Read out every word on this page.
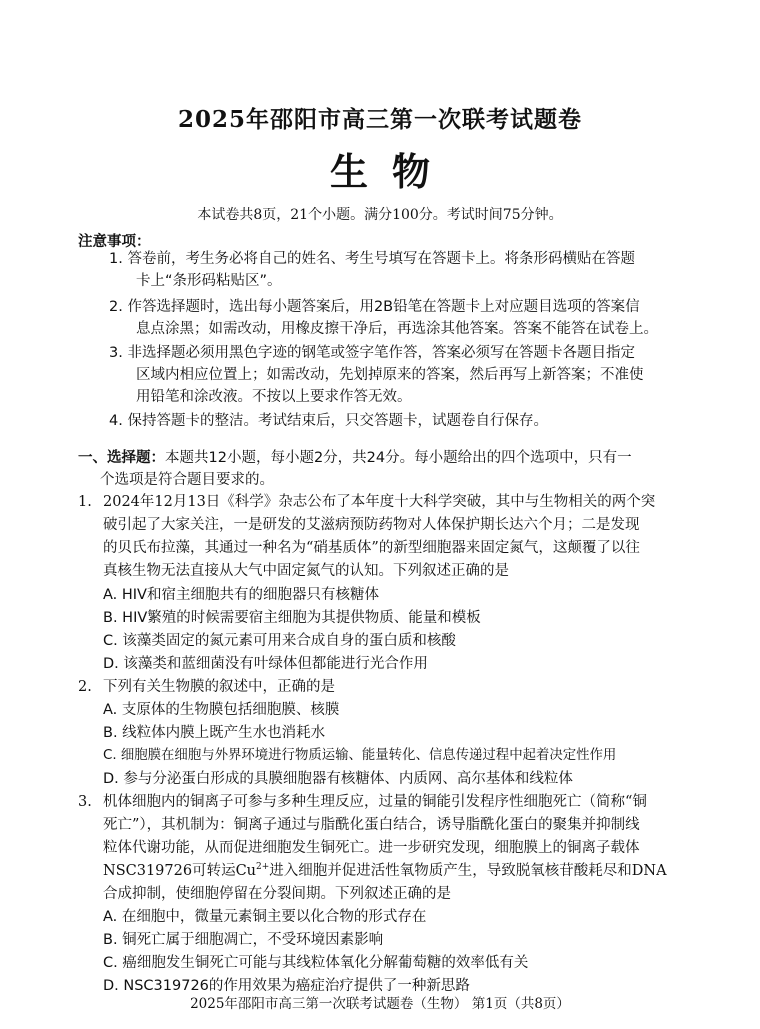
2025年邵阳市高三第一次联考试题卷
生物
本试卷共8页，21个小题。满分100分。考试时间75分钟。
注意事项：
1. 答卷前，考生务必将自己的姓名、考生号填写在答题卡上。将条形码横贴在答题
卡上“条形码粘贴区”。
2. 作答选择题时，选出每小题答案后，用2B铅笔在答题卡上对应题目选项的答案信
息点涂黑；如需改动，用橡皮擦干净后，再选涂其他答案。答案不能答在试卷上。
3. 非选择题必须用黑色字迹的钢笔或签字笔作答，答案必须写在答题卡各题目指定
区域内相应位置上；如需改动，先划掉原来的答案，然后再写上新答案；不准使
用铅笔和涂改液。不按以上要求作答无效。
4. 保持答题卡的整洁。考试结束后，只交答题卡，试题卷自行保存。
一、选择题：本题共12小题，每小题2分，共24分。每小题给出的四个选项中，只有一
个选项是符合题目要求的。
1. 2024年12月13日《科学》杂志公布了本年度十大科学突破，其中与生物相关的两个突
破引起了大家关注，一是研发的艾滋病预防药物对人体保护期长达六个月；二是发现
的贝氏布拉藻，其通过一种名为“硝基质体”的新型细胞器来固定氮气，这颠覆了以往
真核生物无法直接从大气中固定氮气的认知。下列叙述正确的是
A. HIV和宿主细胞共有的细胞器只有核糖体
B. HIV繁殖的时候需要宿主细胞为其提供物质、能量和模板
C. 该藻类固定的氮元素可用来合成自身的蛋白质和核酸
D. 该藻类和蓝细菌没有叶绿体但都能进行光合作用
2. 下列有关生物膜的叙述中，正确的是
A. 支原体的生物膜包括细胞膜、核膜
B. 线粒体内膜上既产生水也消耗水
C. 细胞膜在细胞与外界环境进行物质运输、能量转化、信息传递过程中起着决定性作用
D. 参与分泌蛋白形成的具膜细胞器有核糖体、内质网、高尔基体和线粒体
3. 机体细胞内的铜离子可参与多种生理反应，过量的铜能引发程序性细胞死亡（简称“铜
死亡”），其机制为：铜离子通过与脂酰化蛋白结合，诱导脂酰化蛋白的聚集并抑制线
粒体代谢功能，从而促进细胞发生铜死亡。进一步研究发现，细胞膜上的铜离子载体
NSC319726可转运$Cu^{2+}$进入细胞并促进活性氧物质产生，导致脱氧核苷酸耗尽和DNA
合成抑制，使细胞停留在分裂间期。下列叙述正确的是
A. 在细胞中，微量元素铜主要以化合物的形式存在
B. 铜死亡属于细胞凋亡，不受环境因素影响
C. 癌细胞发生铜死亡可能与其线粒体氧化分解葡萄糖的效率低有关
D. NSC319726的作用效果为癌症治疗提供了一种新思路
2025年邵阳市高三第一次联考试题卷（生物） 第1页（共8页）
